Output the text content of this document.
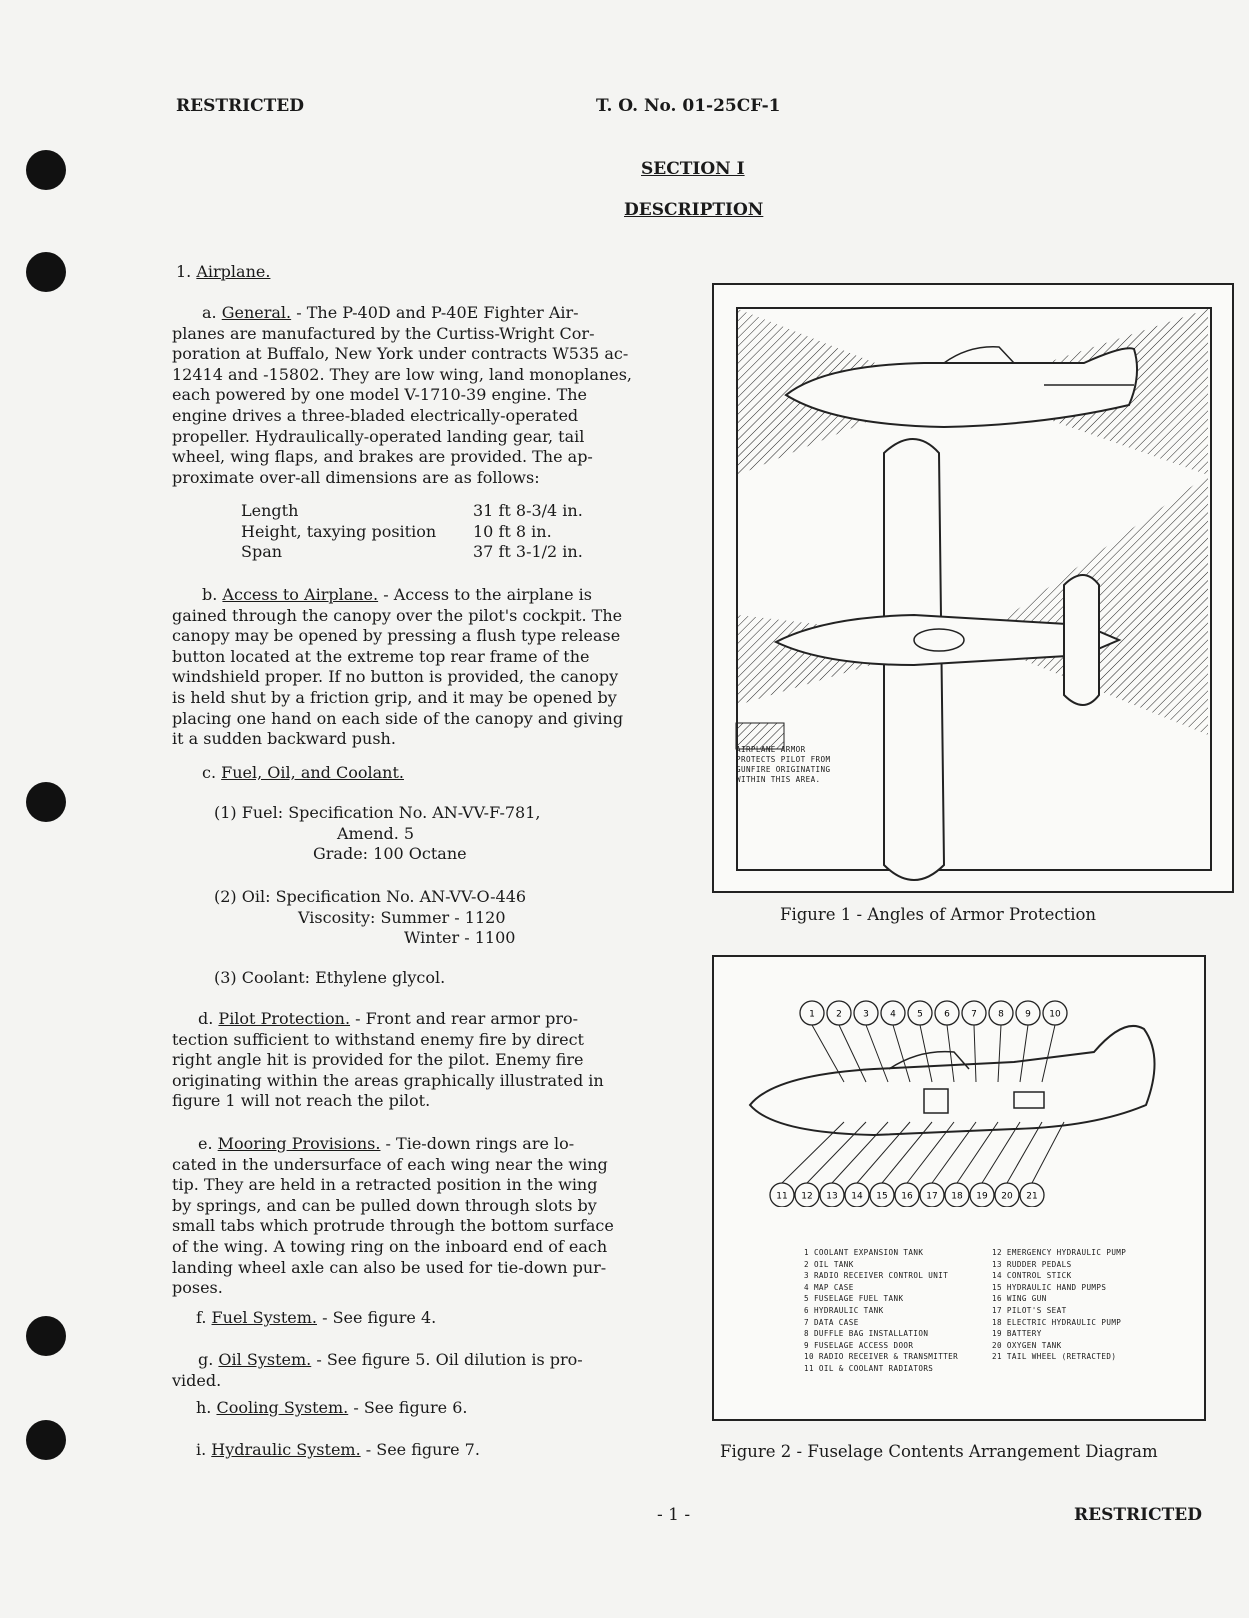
RESTRICTED	T. O. No. 01-25CF-1
SECTION I
DESCRIPTION
1. Airplane.
a. General. - The P-40D and P-40E Fighter Air-
planes are manufactured by the Curtiss-Wright Cor-
poration at Buffalo, New York under contracts W535 ac-
12414 and -15802. They are low wing, land monoplanes,
each powered by one model V-1710-39 engine. The
engine drives a three-bladed electrically-operated
propeller. Hydraulically-operated landing gear, tail
wheel, wing flaps, and brakes are provided. The ap-
proximate over-all dimensions are as follows:
Length	31 ft 8-3/4 in.
Height, taxying position 10 ft 8 in.
Span	37 ft 3-1/2 in.
b. Access to Airplane. - Access to the airplane is
gained through the canopy over the pilot's cockpit. The
canopy may be opened by pressing a flush type release
button located at the extreme top rear frame of the
windshield proper. If no button is provided, the canopy
is held shut by a friction grip, and it may be opened by
placing one hand on each side of the canopy and giving
it a sudden backward push.
c. Fuel, Oil, and Coolant.
(1) Fuel: Specification No. AN-VV-F-781,
Amend. 5
Grade: 100 Octane
(2) Oil: Specification No. AN-VV-O-446
Viscosity: Summer - 1120
Winter - 1100
(3) Coolant: Ethylene glycol.
d. Pilot Protection. - Front and rear armor pro-
tection sufficient to withstand enemy fire by direct
right angle hit is provided for the pilot. Enemy fire
originating within the areas graphically illustrated in
figure 1 will not reach the pilot.
e. Mooring Provisions. - Tie-down rings are lo-
cated in the undersurface of each wing near the wing
tip. They are held in a retracted position in the wing
by springs, and can be pulled down through slots by
small tabs which protrude through the bottom surface
of the wing. A towing ring on the inboard end of each
landing wheel axle can also be used for tie-down pur-
poses.
f. Fuel System. - See figure 4.
g. Oil System. - See figure 5. Oil dilution is pro-
vided.
h. Cooling System. - See figure 6.
i. Hydraulic System. - See figure 7.
AIRPLANE ARMOR
PROTECTS PILOT FROM
GUNFIRE ORIGINATING
WITHIN THIS AREA.
Figure 1 - Angles of Armor Protection
1 2 3 4 5 6 7 8 9 10
11 12 13 14 15 16 17 18 19 20 21
1 COOLANT EXPANSION TANK
2 OIL TANK
3 RADIO RECEIVER CONTROL UNIT
4 MAP CASE
5 FUSELAGE FUEL TANK
6 HYDRAULIC TANK
7 DATA CASE
8 DUFFLE BAG INSTALLATION
9 FUSELAGE ACCESS DOOR
10 RADIO RECEIVER & TRANSMITTER
11 OIL & COOLANT RADIATORS
12 EMERGENCY HYDRAULIC PUMP
13 RUDDER PEDALS
14 CONTROL STICK
15 HYDRAULIC HAND PUMPS
16 WING GUN
17 PILOT'S SEAT
18 ELECTRIC HYDRAULIC PUMP
19 BATTERY
20 OXYGEN TANK
21 TAIL WHEEL (RETRACTED)
Figure 2 - Fuselage Contents Arrangement Diagram
- 1 -	RESTRICTED
